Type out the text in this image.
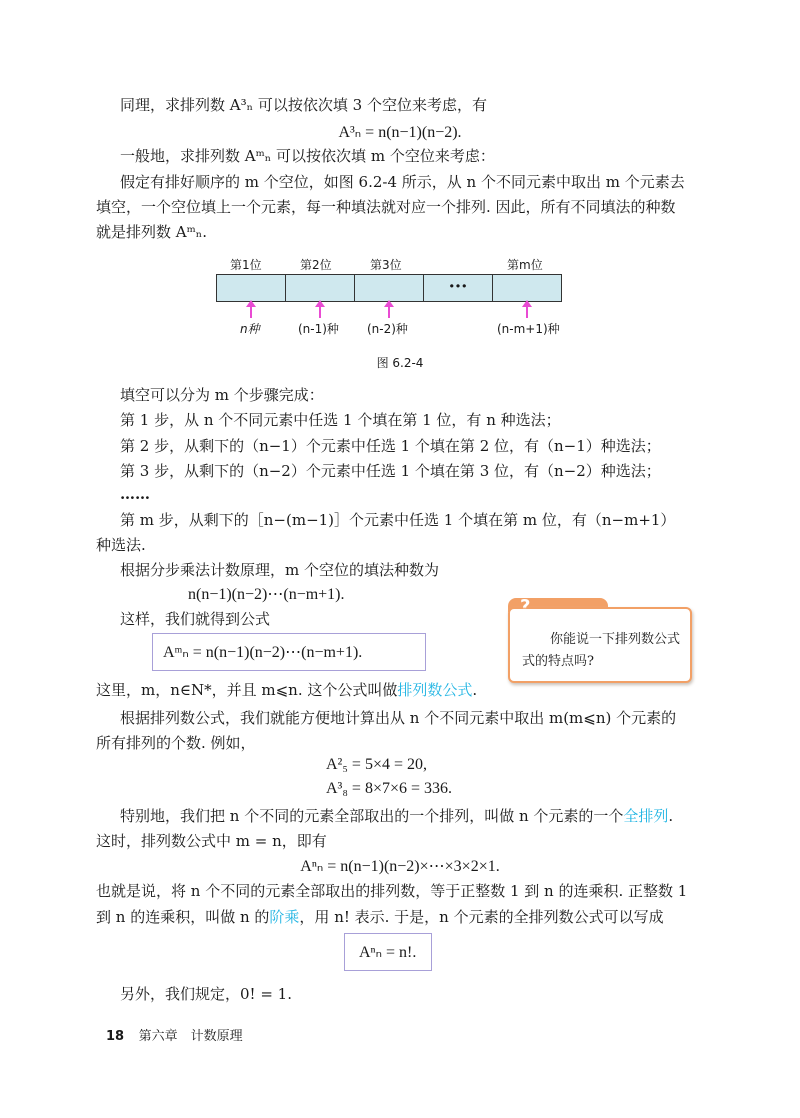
同理，求排列数 A³ₙ 可以按依次填 3 个空位来考虑，有
A³ₙ = n(n−1)(n−2).
一般地，求排列数 Aᵐₙ 可以按依次填 m 个空位来考虑：
假定有排好顺序的 m 个空位，如图 6.2-4 所示，从 n 个不同元素中取出 m 个元素去
填空，一个空位填上一个元素，每一种填法就对应一个排列. 因此，所有不同填法的种数
就是排列数 Aᵐₙ.
第1位	第2位	第3位	第m位
···
n种	(n-1)种 (n-2)种	(n-m+1)种
图 6.2-4
填空可以分为 m 个步骤完成：
第 1 步，从 n 个不同元素中任选 1 个填在第 1 位，有 n 种选法；
第 2 步，从剩下的（n−1）个元素中任选 1 个填在第 2 位，有（n−1）种选法；
第 3 步，从剩下的（n−2）个元素中任选 1 个填在第 3 位，有（n−2）种选法；
……
第 m 步，从剩下的［n−(m−1)］个元素中任选 1 个填在第 m 位，有（n−m+1）
种选法.
根据分步乘法计数原理，m 个空位的填法种数为
n(n−1)(n−2)⋯(n−m+1).
这样，我们就得到公式
Aᵐₙ = n(n−1)(n−2)⋯(n−m+1).
?
你能说一下排列数公式
式的特点吗?
这里，m，n∈N*，并且 m⩽n. 这个公式叫做排列数公式.
根据排列数公式，我们就能方便地计算出从 n 个不同元素中取出 m(m⩽n) 个元素的
所有排列的个数. 例如，
A²₅ = 5×4 = 20,
A³₈ = 8×7×6 = 336.
特别地，我们把 n 个不同的元素全部取出的一个排列，叫做 n 个元素的一个全排列.
这时，排列数公式中 m = n，即有
Aⁿₙ = n(n−1)(n−2)×⋯×3×2×1.
也就是说，将 n 个不同的元素全部取出的排列数，等于正整数 1 到 n 的连乘积. 正整数 1
到 n 的连乘积，叫做 n 的阶乘，用 n! 表示. 于是，n 个元素的全排列数公式可以写成
Aⁿₙ = n!.
另外，我们规定，0! = 1.
18 第六章　计数原理
